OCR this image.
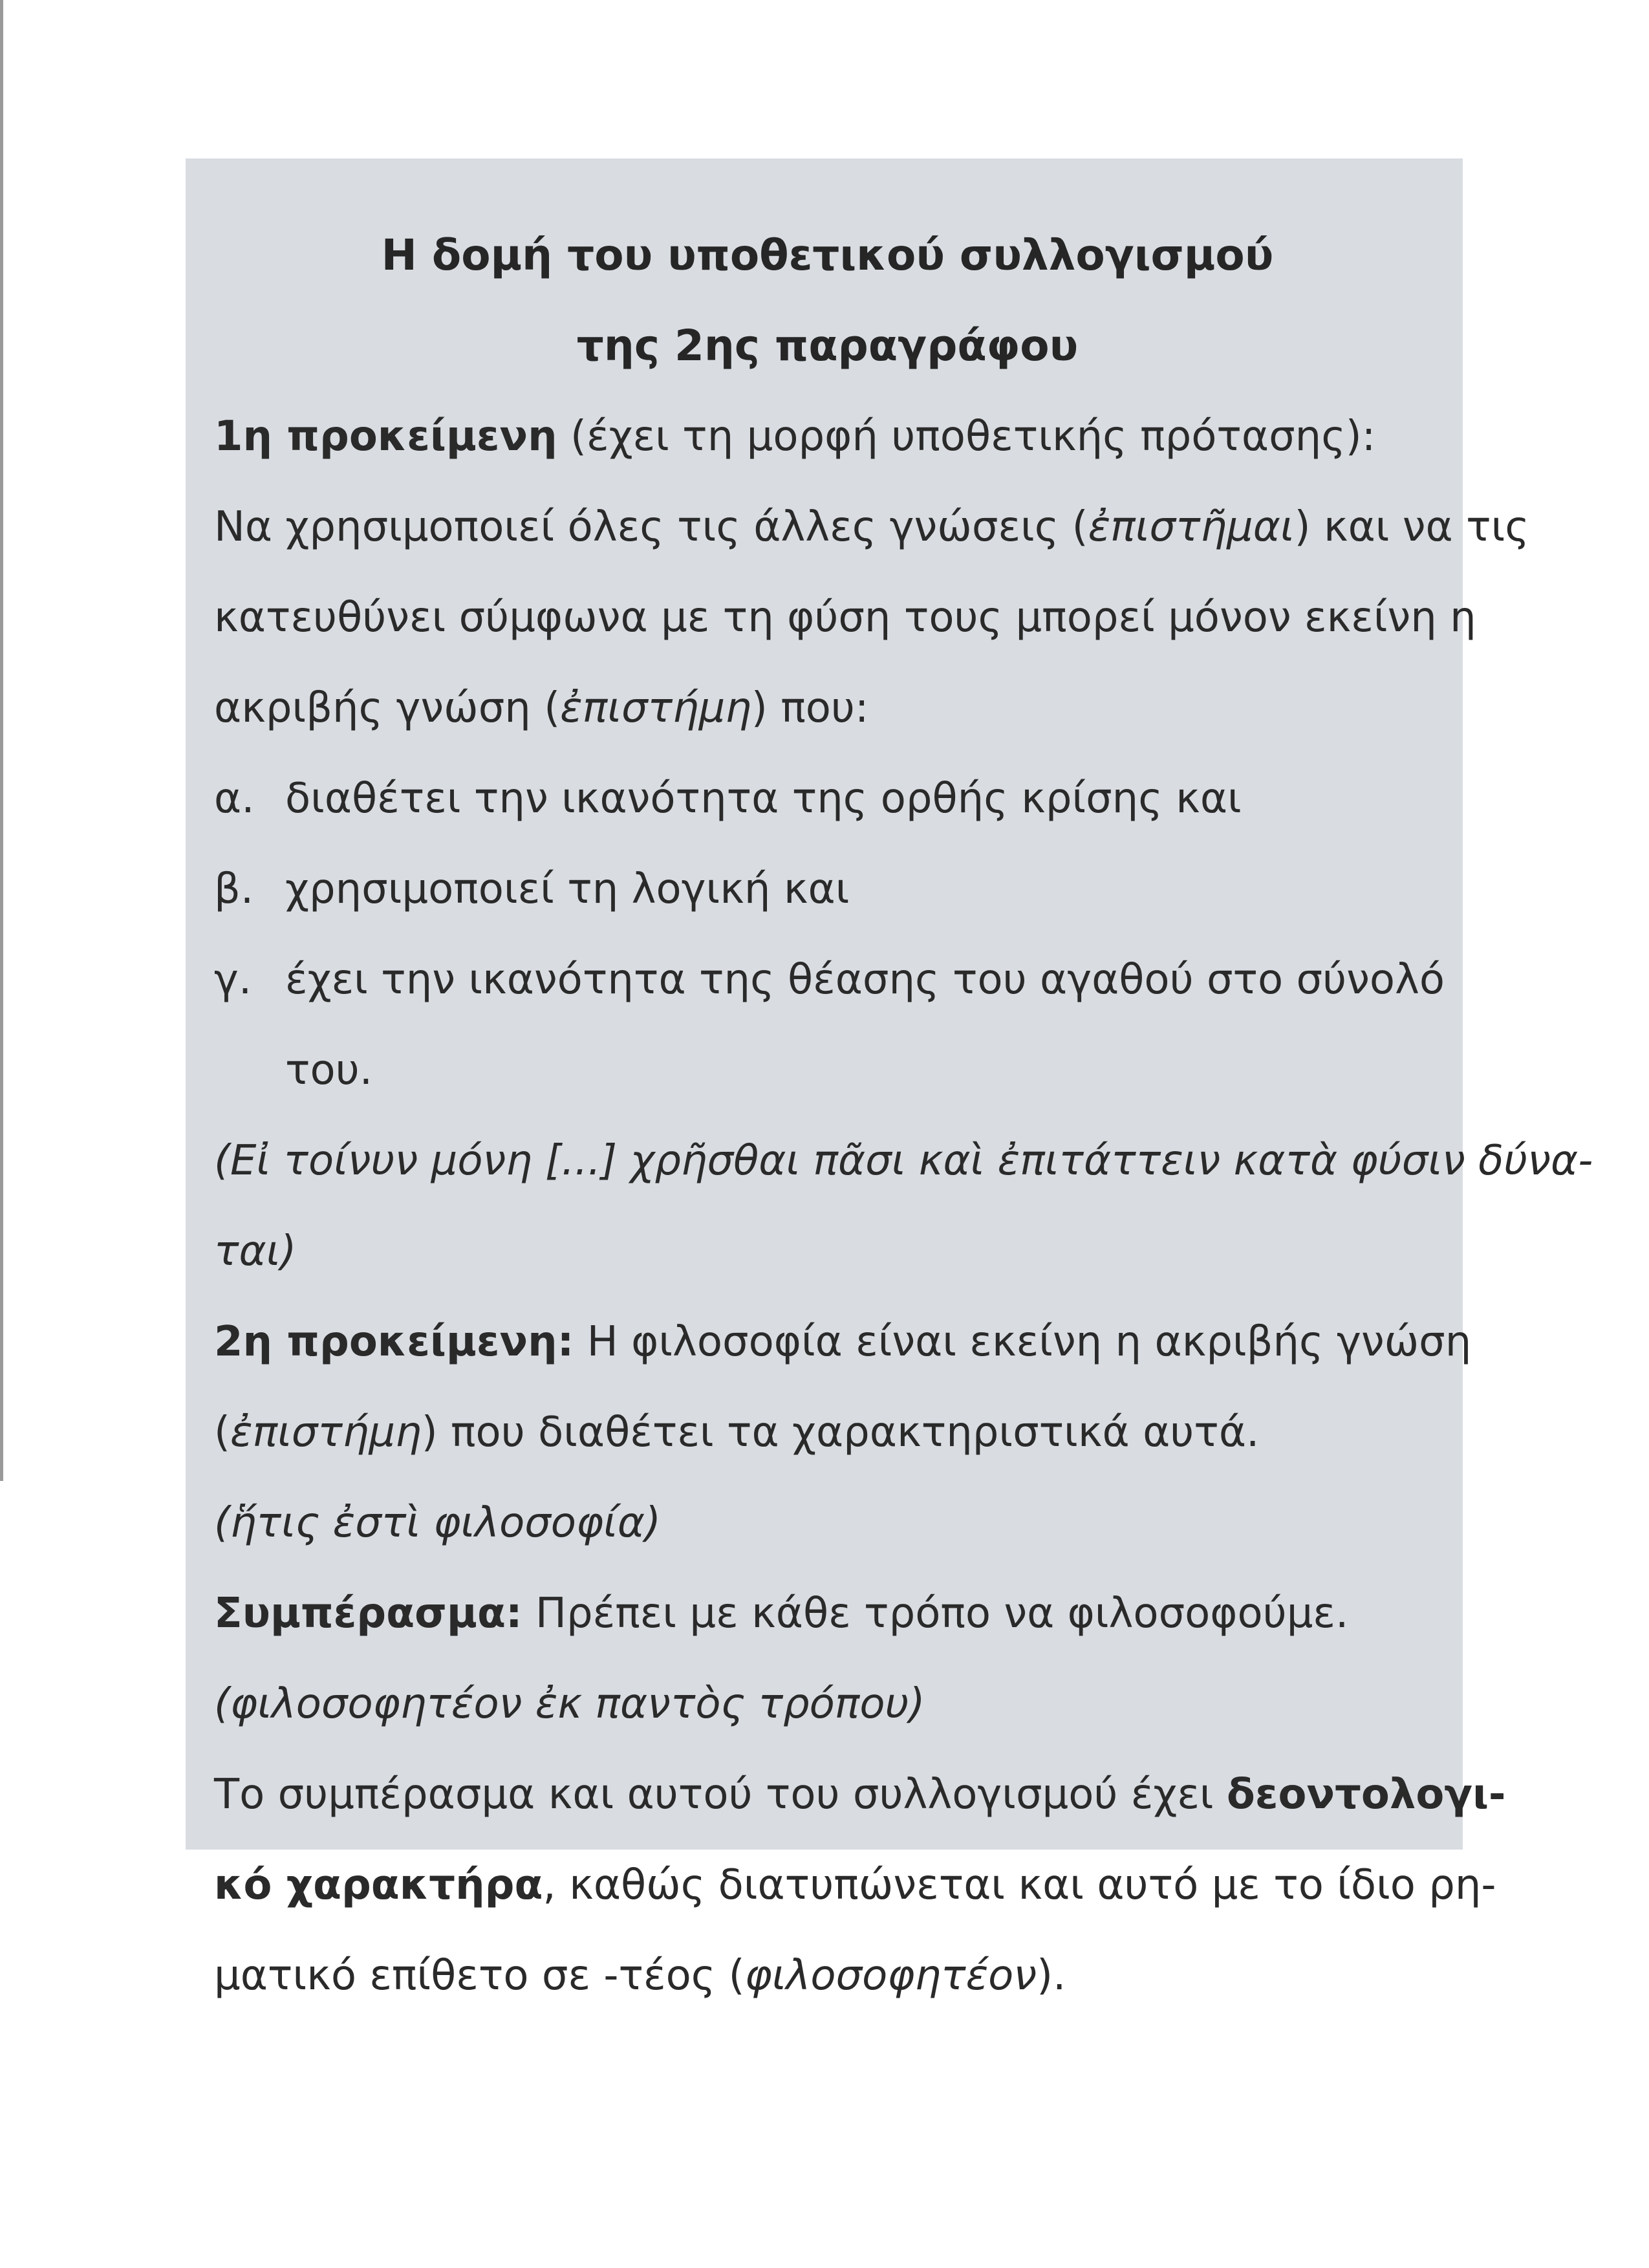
Η δομή του υποθετικού συλλογισμού

της 2ης παραγράφου

1η προκείμενη (έχει τη μορφή υποθετικής πρότασης):

Να χρησιμοποιεί όλες τις άλλες γνώσεις (ἐπιστῆμαι) και να τις

κατευθύνει σύμφωνα με τη φύση τους μπορεί μόνον εκείνη η

ακριβής γνώση (ἐπιστήμη) που:

α. διαθέτει την ικανότητα της ορθής κρίσης και
β. χρησιμοποιεί τη λογική και
γ. έχει την ικανότητα της θέασης του αγαθού στο σύνολό

του.

(Εἰ τοίνυν μόνη [...] χρῆσθαι πᾶσι καὶ ἐπιτάττειν κατὰ φύσιν δύνα-

ται)

2η προκείμενη: Η φιλοσοφία είναι εκείνη η ακριβής γνώση

(ἐπιστήμη) που διαθέτει τα χαρακτηριστικά αυτά.

(ἥτις ἐστὶ φιλοσοφία)

Συμπέρασμα: Πρέπει με κάθε τρόπο να φιλοσοφούμε.

(φιλοσοφητέον ἐκ παντὸς τρόπου)

Το συμπέρασμα και αυτού του συλλογισμού έχει δεοντολογι-

κό χαρακτήρα, καθώς διατυπώνεται και αυτό με το ίδιο ρη-

ματικό επίθετο σε -τέος (φιλοσοφητέον).
